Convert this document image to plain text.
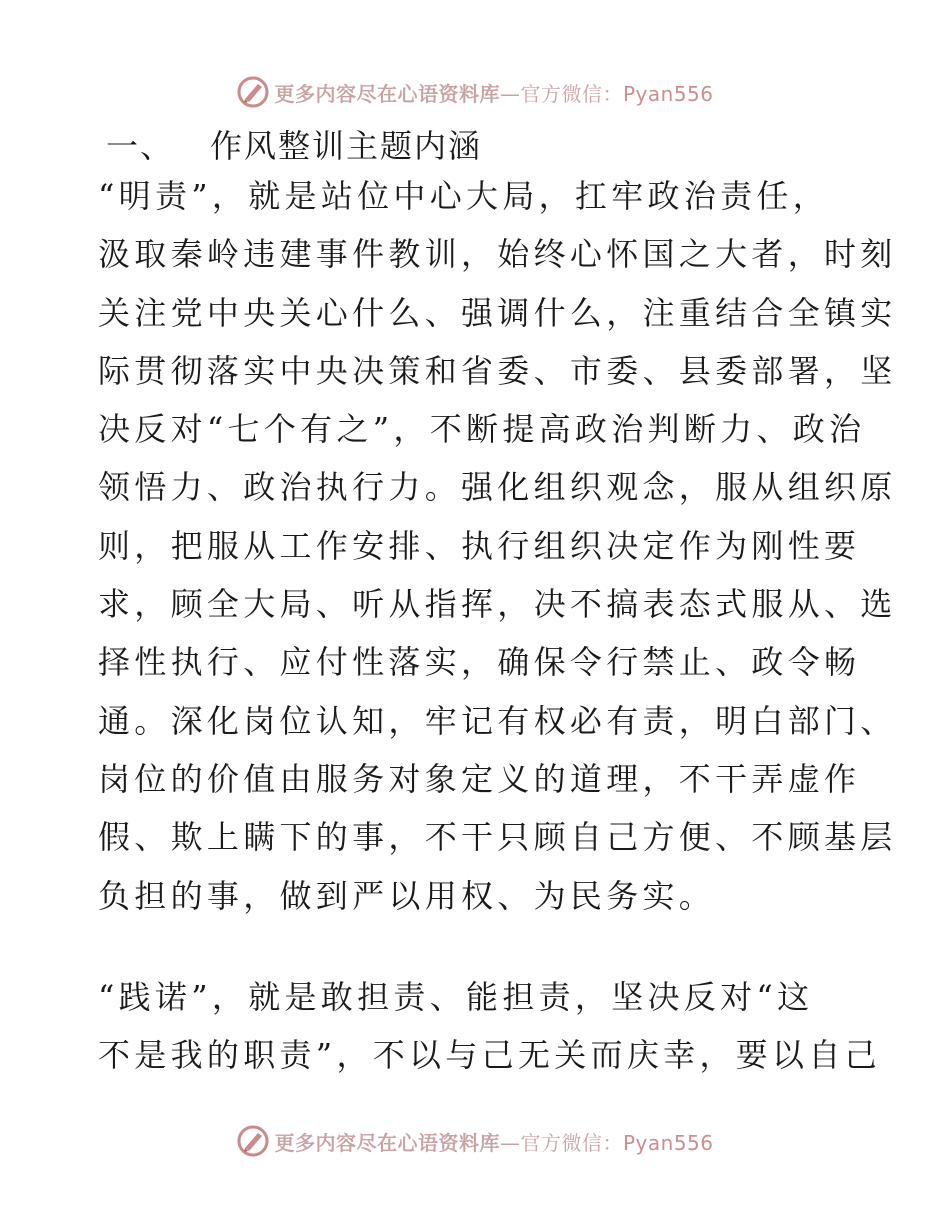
更多内容尽在心语资料库—官方微信：Pyan556
一、 作风整训主题内涵
“明责”，就是站位中心大局，扛牢政治责任，
汲取秦岭违建事件教训，始终心怀国之大者，时刻
关注党中央关心什么、强调什么，注重结合全镇实
际贯彻落实中央决策和省委、市委、县委部署，坚
决反对“七个有之”，不断提高政治判断力、政治
领悟力、政治执行力。强化组织观念，服从组织原
则，把服从工作安排、执行组织决定作为刚性要
求，顾全大局、听从指挥，决不搞表态式服从、选
择性执行、应付性落实，确保令行禁止、政令畅
通。深化岗位认知，牢记有权必有责，明白部门、
岗位的价值由服务对象定义的道理，不干弄虚作
假、欺上瞒下的事，不干只顾自己方便、不顾基层
负担的事，做到严以用权、为民务实。
“践诺”，就是敢担责、能担责，坚决反对“这
不是我的职责”，不以与己无关而庆幸，要以自己
更多内容尽在心语资料库—官方微信：Pyan556
